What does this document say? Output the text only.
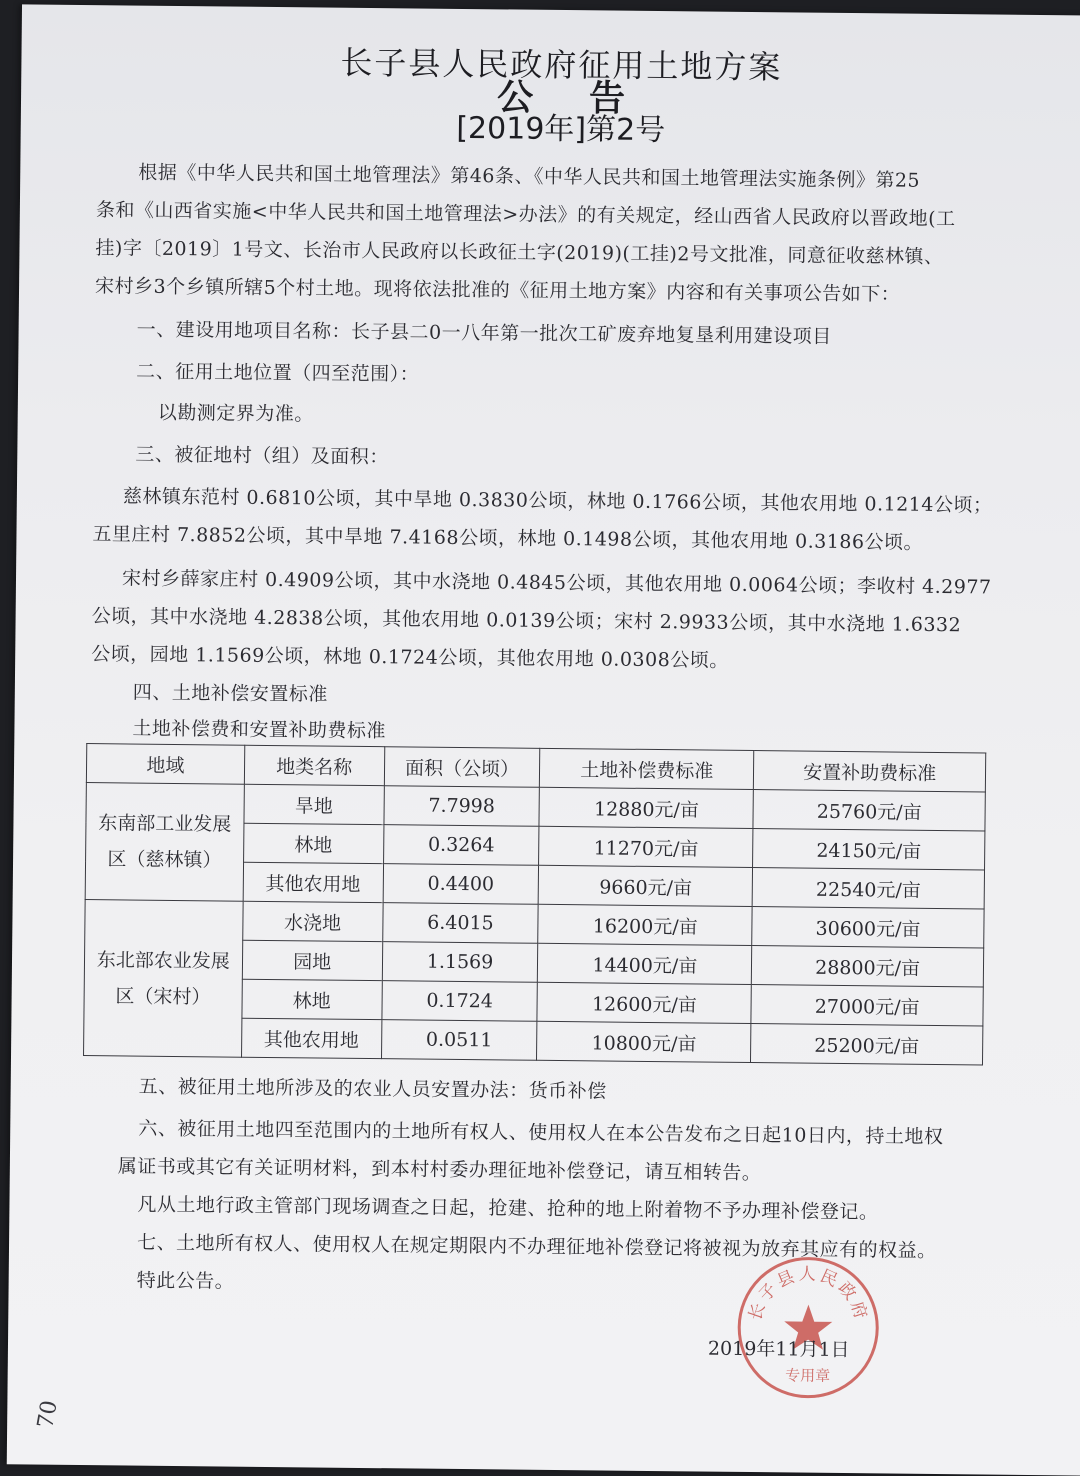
长子县人民政府征用土地方案
公 告
[2019年]第2号
根据《中华人民共和国土地管理法》第46条、《中华人民共和国土地管理法实施条例》第25
条和《山西省实施<中华人民共和国土地管理法>办法》的有关规定，经山西省人民政府以晋政地(工
挂)字〔2019〕1号文、长治市人民政府以长政征土字(2019)(工挂)2号文批准，同意征收慈林镇、
宋村乡3个乡镇所辖5个村土地。现将依法批准的《征用土地方案》内容和有关事项公告如下：
一、建设用地项目名称：长子县二0一八年第一批次工矿废弃地复垦利用建设项目
二、征用土地位置（四至范围）：
以勘测定界为准。
三、被征地村（组）及面积：
慈林镇东范村 0.6810公顷，其中旱地 0.3830公顷，林地 0.1766公顷，其他农用地 0.1214公顷；
五里庄村 7.8852公顷，其中旱地 7.4168公顷，林地 0.1498公顷，其他农用地 0.3186公顷。
宋村乡薛家庄村 0.4909公顷，其中水浇地 0.4845公顷，其他农用地 0.0064公顷；李收村 4.2977
公顷，其中水浇地 4.2838公顷，其他农用地 0.0139公顷；宋村 2.9933公顷，其中水浇地 1.6332
公顷，园地 1.1569公顷，林地 0.1724公顷，其他农用地 0.0308公顷。
四、土地补偿安置标准
土地补偿费和安置补助费标准
地域	地类名称	面积（公顷）	土地补偿费标准	安置补助费标准
东南部工业发展区（慈林镇）	旱地	7.7998	12880元/亩	25760元/亩
	林地	0.3264	11270元/亩	24150元/亩
	其他农用地	0.4400	9660元/亩	22540元/亩
东北部农业发展区（宋村）	水浇地	6.4015	16200元/亩	30600元/亩
	园地	1.1569	14400元/亩	28800元/亩
	林地	0.1724	12600元/亩	27000元/亩
	其他农用地	0.0511	10800元/亩	25200元/亩
五、被征用土地所涉及的农业人员安置办法：货币补偿
六、被征用土地四至范围内的土地所有权人、使用权人在本公告发布之日起10日内，持土地权
属证书或其它有关证明材料，到本村村委办理征地补偿登记，请互相转告。
凡从土地行政主管部门现场调查之日起，抢建、抢种的地上附着物不予办理补偿登记。
七、土地所有权人、使用权人在规定期限内不办理征地补偿登记将被视为放弃其应有的权益。
特此公告。
长子县人民政府
专用章
2019年11月1日
70
